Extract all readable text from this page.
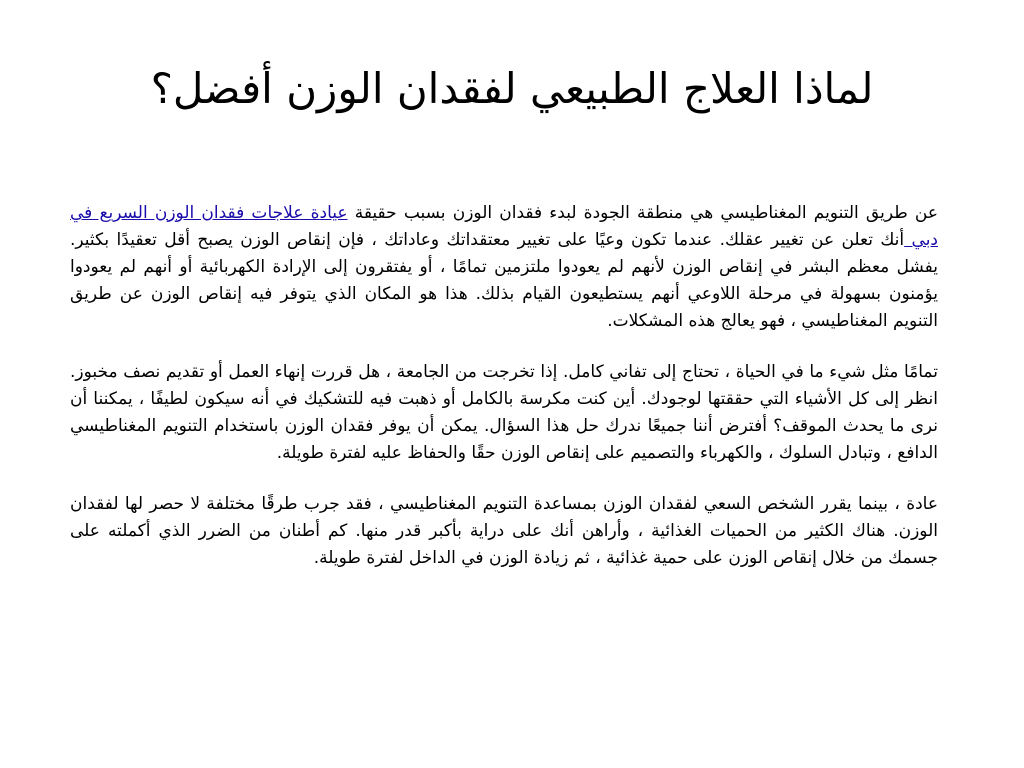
لماذا العلاج الطبيعي لفقدان الوزن أفضل؟

عن طريق التنويم المغناطيسي هي منطقة الجودة لبدء فقدان الوزن بسبب حقيقة عيادة علاجات فقدان الوزن السريع في دبي أنك تعلن عن تغيير عقلك. عندما تكون وعيًا على تغيير معتقداتك وعاداتك ، فإن إنقاص الوزن يصبح أقل تعقيدًا بكثير. يفشل معظم البشر في إنقاص الوزن لأنهم لم يعودوا ملتزمين تمامًا ، أو يفتقرون إلى الإرادة الكهربائية أو أنهم لم يعودوا يؤمنون بسهولة في مرحلة اللاوعي أنهم يستطيعون القيام بذلك. هذا هو المكان الذي يتوفر فيه إنقاص الوزن عن طريق التنويم المغناطيسي ، فهو يعالج هذه المشكلات.

تمامًا مثل شيء ما في الحياة ، تحتاج إلى تفاني كامل. إذا تخرجت من الجامعة ، هل قررت إنهاء العمل أو تقديم نصف مخبوز. انظر إلى كل الأشياء التي حققتها لوجودك. أين كنت مكرسة بالكامل أو ذهبت فيه للتشكيك في أنه سيكون لطيفًا ، يمكننا أن نرى ما يحدث الموقف؟ أفترض أننا جميعًا ندرك حل هذا السؤال. يمكن أن يوفر فقدان الوزن باستخدام التنويم المغناطيسي الدافع ، وتبادل السلوك ، والكهرباء والتصميم على إنقاص الوزن حقًا والحفاظ عليه لفترة طويلة.

عادة ، بينما يقرر الشخص السعي لفقدان الوزن بمساعدة التنويم المغناطيسي ، فقد جرب طرقًا مختلفة لا حصر لها لفقدان الوزن. هناك الكثير من الحميات الغذائية ، وأراهن أنك على دراية بأكبر قدر منها. كم أطنان من الضرر الذي أكملته على جسمك من خلال إنقاص الوزن على حمية غذائية ، ثم زيادة الوزن في الداخل لفترة طويلة.
